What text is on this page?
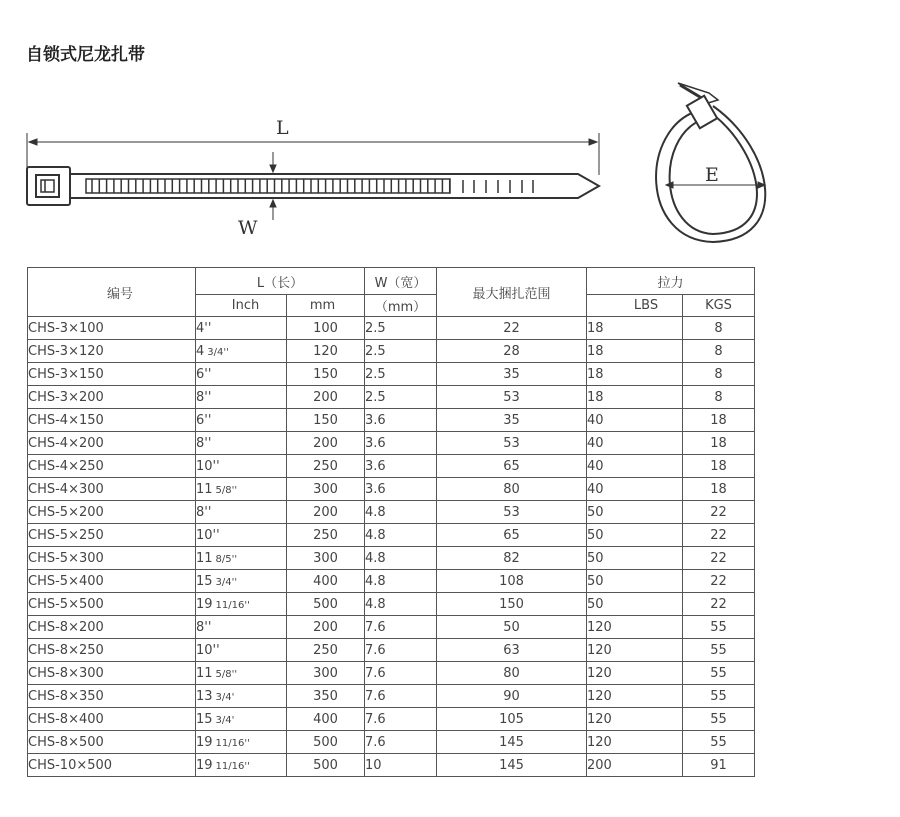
自锁式尼龙扎带
L
W
E
编号	L（长）		W（宽）	最大捆扎范围	拉力	
	Inch	mm	（mm）		LBS	KGS
CHS-3×100	4''	100	2.5	22	18	8
CHS-3×120	4 3/4''	120	2.5	28	18	8
CHS-3×150	6''	150	2.5	35	18	8
CHS-3×200	8''	200	2.5	53	18	8
CHS-4×150	6''	150	3.6	35	40	18
CHS-4×200	8''	200	3.6	53	40	18
CHS-4×250	10''	250	3.6	65	40	18
CHS-4×300	11 5/8''	300	3.6	80	40	18
CHS-5×200	8''	200	4.8	53	50	22
CHS-5×250	10''	250	4.8	65	50	22
CHS-5×300	11 8/5''	300	4.8	82	50	22
CHS-5×400	15 3/4''	400	4.8	108	50	22
CHS-5×500	19 11/16''	500	4.8	150	50	22
CHS-8×200	8''	200	7.6	50	120	55
CHS-8×250	10''	250	7.6	63	120	55
CHS-8×300	11 5/8''	300	7.6	80	120	55
CHS-8×350	13 3/4'	350	7.6	90	120	55
CHS-8×400	15 3/4'	400	7.6	105	120	55
CHS-8×500	19 11/16''	500	7.6	145	120	55
CHS-10×500	19 11/16''	500	10	145	200	91
